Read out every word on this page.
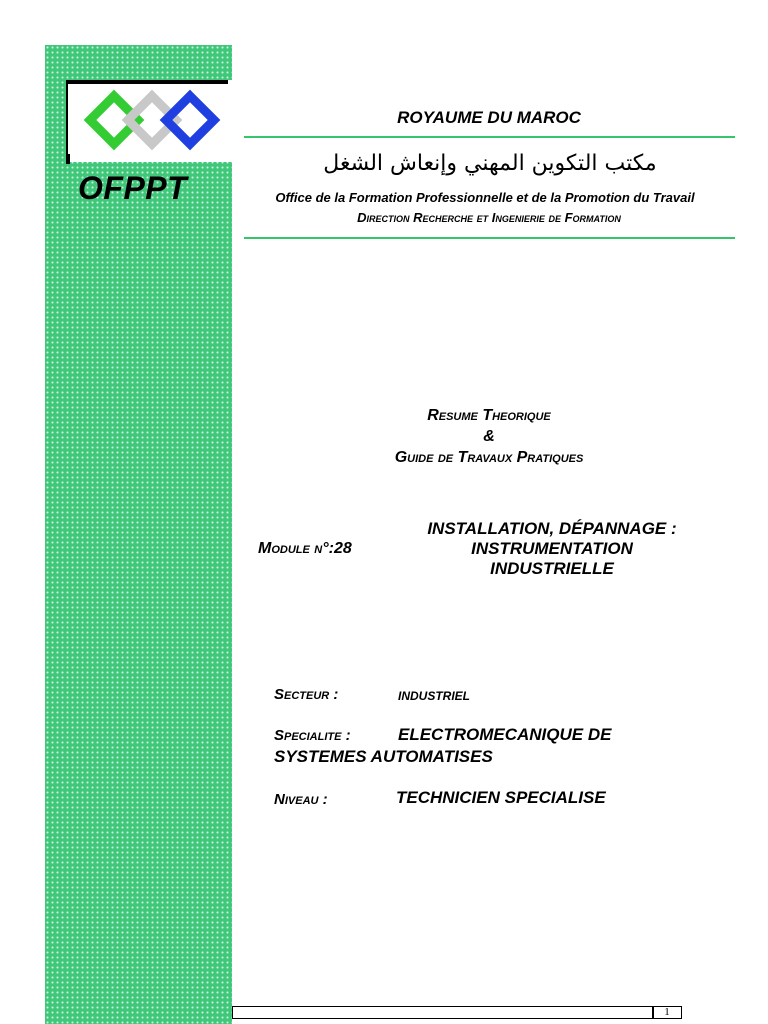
OFPPT
ROYAUME DU MAROC
مكتب التكوين المهني وإنعاش الشغل
Office de la Formation Professionnelle et de la Promotion du Travail
Direction Recherche et Ingenierie de Formation
Resume Theorique
&
Guide de Travaux Pratiques
Module n°:28
INSTALLATION, DÉPANNAGE :
INSTRUMENTATION
INDUSTRIELLE
Secteur :	INDUSTRIEL
Specialite :	ELECTROMECANIQUE DE
SYSTEMES AUTOMATISES
Niveau :	TECHNICIEN SPECIALISE
1
